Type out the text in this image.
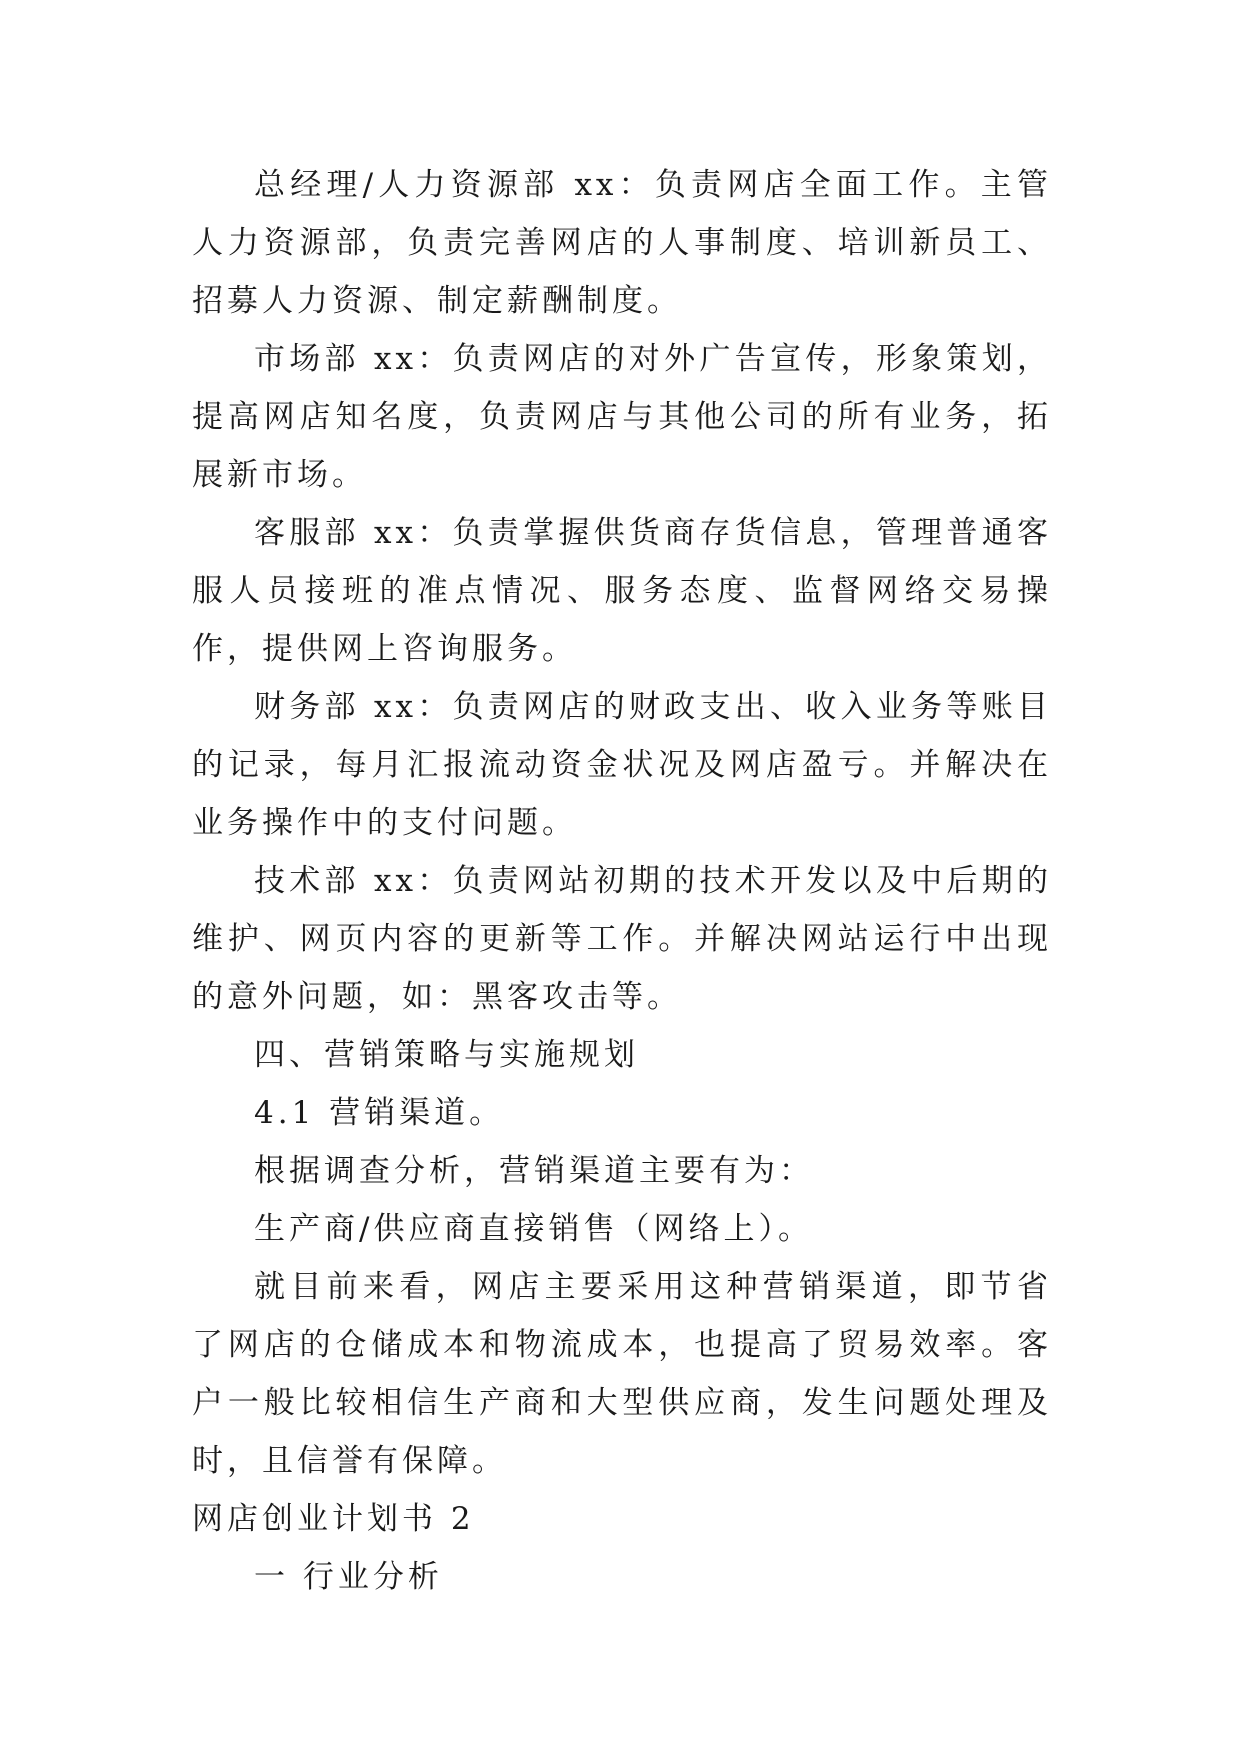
总经理/人力资源部 xx：负责网店全面工作。主管人力资源部，负责完善网店的人事制度、培训新员工、招募人力资源、制定薪酬制度。

市场部 xx：负责网店的对外广告宣传，形象策划，提高网店知名度，负责网店与其他公司的所有业务，拓展新市场。

客服部 xx：负责掌握供货商存货信息，管理普通客服人员接班的准点情况、服务态度、监督网络交易操作，提供网上咨询服务。

财务部 xx：负责网店的财政支出、收入业务等账目的记录，每月汇报流动资金状况及网店盈亏。并解决在业务操作中的支付问题。

技术部 xx：负责网站初期的技术开发以及中后期的维护、网页内容的更新等工作。并解决网站运行中出现的意外问题，如：黑客攻击等。

四、营销策略与实施规划

4.1 营销渠道。

根据调查分析，营销渠道主要有为：

生产商/供应商直接销售（网络上）。

就目前来看，网店主要采用这种营销渠道，即节省了网店的仓储成本和物流成本，也提高了贸易效率。客户一般比较相信生产商和大型供应商，发生问题处理及时，且信誉有保障。

网店创业计划书 2

一 行业分析
